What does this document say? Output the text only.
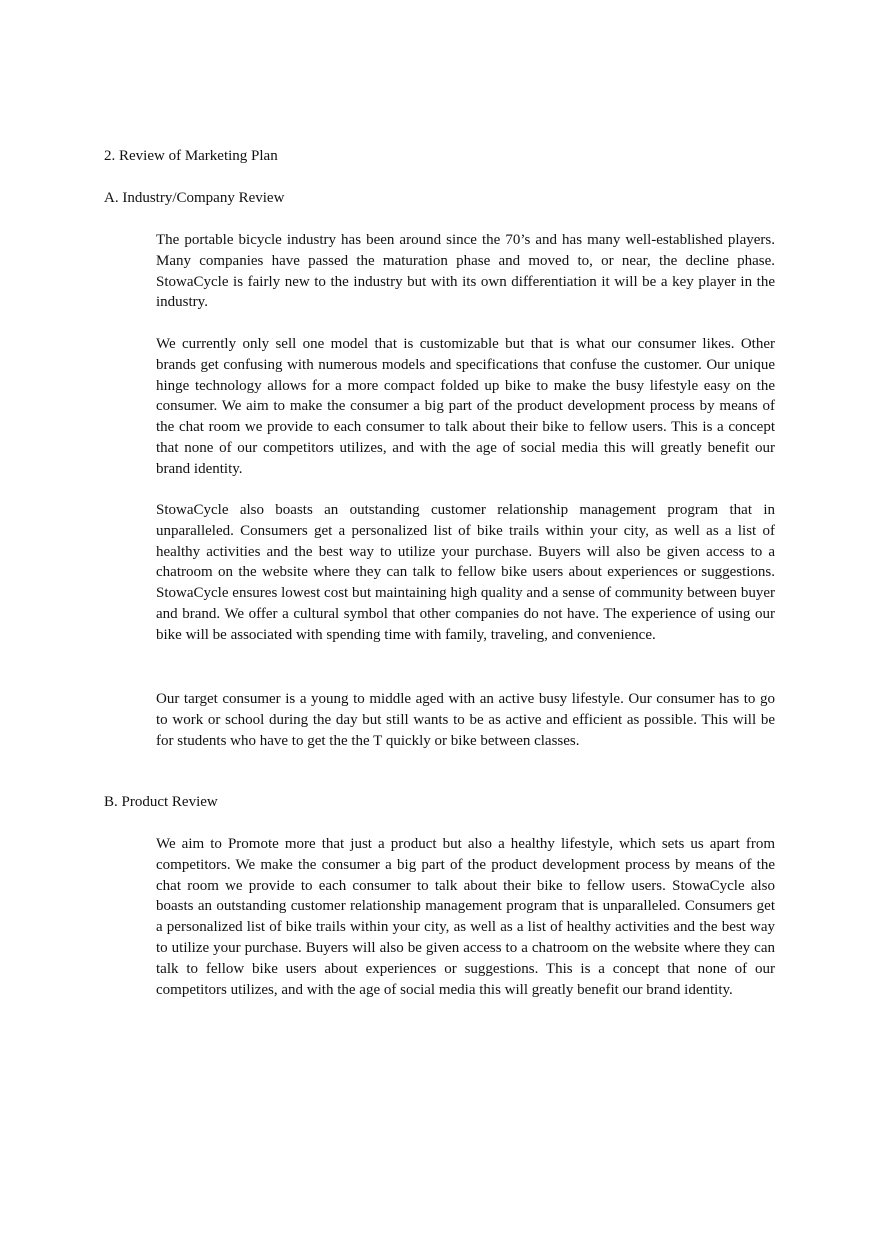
2. Review of Marketing Plan
A. Industry/Company Review

The portable bicycle industry has been around since the 70’s and has many well-established players. Many companies have passed the maturation phase and moved to, or near, the decline phase. StowaCycle is fairly new to the industry but with its own differentiation it will be a key player in the industry.

We currently only sell one model that is customizable but that is what our consumer likes. Other brands get confusing with numerous models and specifications that confuse the customer. Our unique hinge technology allows for a more compact folded up bike to make the busy lifestyle easy on the consumer. We aim to make the consumer a big part of the product development process by means of the chat room we provide to each consumer to talk about their bike to fellow users. This is a concept that none of our competitors utilizes, and with the age of social media this will greatly benefit our brand identity.

StowaCycle also boasts an outstanding customer relationship management program that in unparalleled. Consumers get a personalized list of bike trails within your city, as well as a list of healthy activities and the best way to utilize your purchase. Buyers will also be given access to a chatroom on the website where they can talk to fellow bike users about experiences or suggestions. StowaCycle ensures lowest cost but maintaining high quality and a sense of community between buyer and brand. We offer a cultural symbol that other companies do not have. The experience of using our bike will be associated with spending time with family, traveling, and convenience.

Our target consumer is a young to middle aged with an active busy lifestyle. Our consumer has to go to work or school during the day but still wants to be as active and efficient as possible. This will be for students who have to get the the T quickly or bike between classes.

B. Product Review

We aim to Promote more that just a product but also a healthy lifestyle, which sets us apart from competitors. We make the consumer a big part of the product development process by means of the chat room we provide to each consumer to talk about their bike to fellow users. StowaCycle also boasts an outstanding customer relationship management program that is unparalleled. Consumers get a personalized list of bike trails within your city, as well as a list of healthy activities and the best way to utilize your purchase. Buyers will also be given access to a chatroom on the website where they can talk to fellow bike users about experiences or suggestions. This is a concept that none of our competitors utilizes, and with the age of social media this will greatly benefit our brand identity.
